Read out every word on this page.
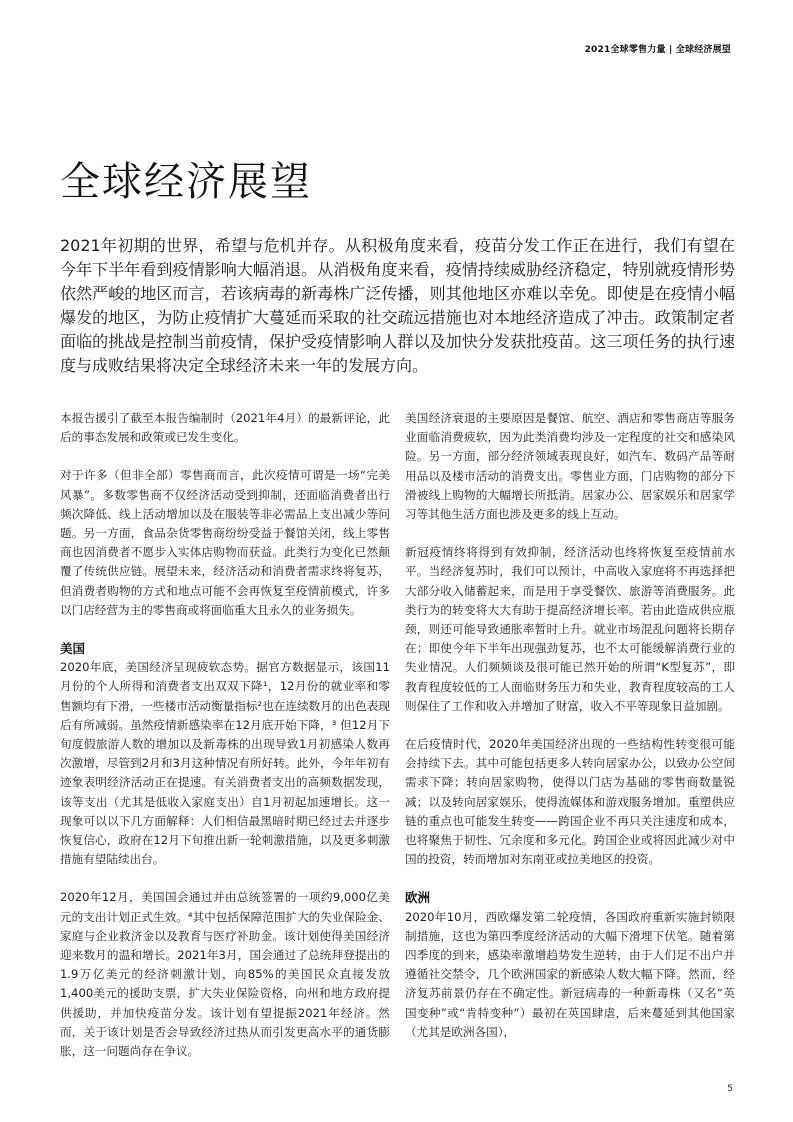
2021全球零售力量 | 全球经济展望
全球经济展望

2021年初期的世界，希望与危机并存。从积极角度来看，疫苗分发工作正在进行，我们有望在今年下半年看到疫情影响大幅消退。从消极角度来看，疫情持续威胁经济稳定，特别就疫情形势依然严峻的地区而言，若该病毒的新毒株广泛传播，则其他地区亦难以幸免。即使是在疫情小幅爆发的地区，为防止疫情扩大蔓延而采取的社交疏远措施也对本地经济造成了冲击。政策制定者面临的挑战是控制当前疫情，保护受疫情影响人群以及加快分发获批疫苗。这三项任务的执行速度与成败结果将决定全球经济未来一年的发展方向。

本报告援引了截至本报告编制时（2021年4月）的最新评论，此后的事态发展和政策或已发生变化。

对于许多（但非全部）零售商而言，此次疫情可谓是一场“完美风暴”。多数零售商不仅经济活动受到抑制，还面临消费者出行频次降低、线上活动增加以及在服装等非必需品上支出减少等问题。另一方面，食品杂货零售商纷纷受益于餐馆关闭，线上零售商也因消费者不愿步入实体店购物而获益。此类行为变化已然颠覆了传统供应链。展望未来，经济活动和消费者需求终将复苏，但消费者购物的方式和地点可能不会再恢复至疫情前模式，许多以门店经营为主的零售商或将面临重大且永久的业务损失。

美国

2020年底，美国经济呈现疲软态势。据官方数据显示，该国11月份的个人所得和消费者支出双双下降¹，12月份的就业率和零售额均有下滑，一些楼市活动衡量指标²也在连续数月的出色表现后有所减弱。虽然疫情新感染率在12月底开始下降，³ 但12月下旬度假旅游人数的增加以及新毒株的出现导致1月初感染人数再次激增，尽管到2月和3月这种情况有所好转。此外，今年年初有迹象表明经济活动正在提速。有关消费者支出的高频数据发现，该等支出（尤其是低收入家庭支出）自1月初起加速增长。这一现象可以以下几方面解释：人们相信最黑暗时期已经过去并逐步恢复信心，政府在12月下旬推出新一轮刺激措施，以及更多刺激措施有望陆续出台。

2020年12月，美国国会通过并由总统签署的一项约9,000亿美元的支出计划正式生效。⁴其中包括保障范围扩大的失业保险金、家庭与企业救济金以及教育与医疗补助金。该计划使得美国经济迎来数月的温和增长。2021年3月，国会通过了总统拜登提出的1.9万亿美元的经济刺激计划，向85%的美国民众直接发放1,400美元的援助支票，扩大失业保险资格，向州和地方政府提供援助，并加快疫苗分发。该计划有望提振2021年经济。然而，关于该计划是否会导致经济过热从而引发更高水平的通货膨胀，这一问题尚存在争议。

美国经济衰退的主要原因是餐馆、航空、酒店和零售商店等服务业面临消费疲软，因为此类消费均涉及一定程度的社交和感染风险。另一方面，部分经济领域表现良好，如汽车、数码产品等耐用品以及楼市活动的消费支出。零售业方面，门店购物的部分下滑被线上购物的大幅增长所抵消。居家办公、居家娱乐和居家学习等其他生活方面也涉及更多的线上互动。

新冠疫情终将得到有效抑制，经济活动也终将恢复至疫情前水平。当经济复苏时，我们可以预计，中高收入家庭将不再选择把大部分收入储蓄起来，而是用于享受餐饮、旅游等消费服务。此类行为的转变将大大有助于提高经济增长率。若由此造成供应瓶颈，则还可能导致通胀率暂时上升。就业市场混乱问题将长期存在；即使今年下半年出现强劲复苏，也不太可能缓解消费行业的失业情况。人们频频谈及很可能已然开始的所谓“K型复苏”，即教育程度较低的工人面临财务压力和失业，教育程度较高的工人则保住了工作和收入并增加了财富，收入不平等现象日益加剧。

在后疫情时代，2020年美国经济出现的一些结构性转变很可能会持续下去。其中可能包括更多人转向居家办公，以致办公空间需求下降；转向居家购物，使得以门店为基础的零售商数量锐减；以及转向居家娱乐，使得流媒体和游戏服务增加。重塑供应链的重点也可能发生转变——跨国企业不再只关注速度和成本，也将聚焦于韧性、冗余度和多元化。跨国企业或将因此减少对中国的投资，转而增加对东南亚或拉美地区的投资。

欧洲

2020年10月，西欧爆发第二轮疫情，各国政府重新实施封锁限制措施，这也为第四季度经济活动的大幅下滑埋下伏笔。随着第四季度的到来，感染率激增趋势发生逆转，由于人们足不出户并遵循社交禁令，几个欧洲国家的新感染人数大幅下降。然而，经济复苏前景仍存在不确定性。新冠病毒的一种新毒株（又名“英国变种”或“肯特变种”）最初在英国肆虐，后来蔓延到其他国家（尤其是欧洲各国），

5
